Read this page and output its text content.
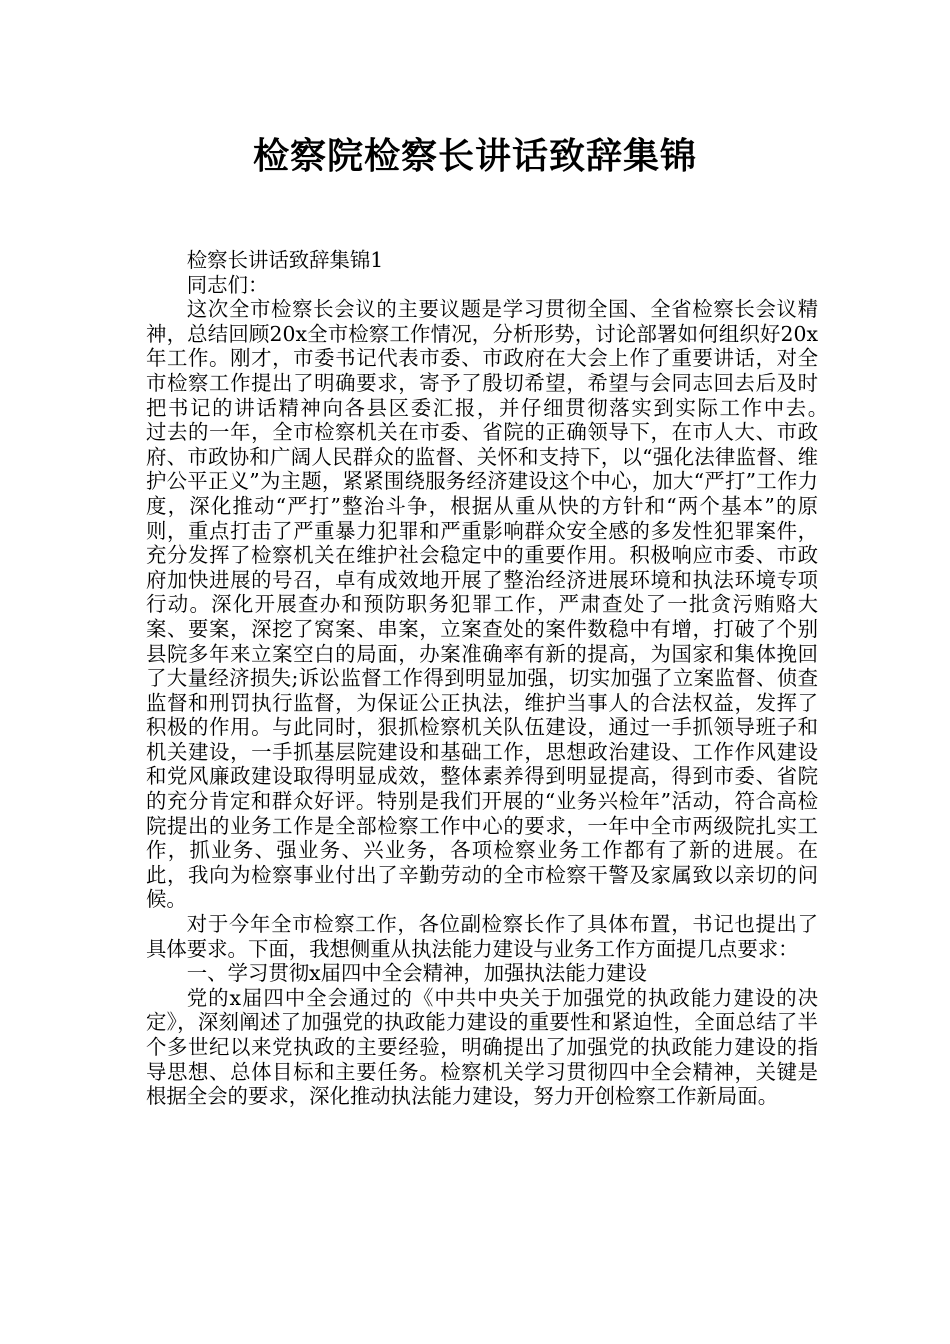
检察院检察长讲话致辞集锦

检察长讲话致辞集锦1

同志们：

这次全市检察长会议的主要议题是学习贯彻全国、全省检察长会议精神，总结回顾20x全市检察工作情况，分析形势，讨论部署如何组织好20x年工作。刚才，市委书记代表市委、市政府在大会上作了重要讲话，对全市检察工作提出了明确要求，寄予了殷切希望，希望与会同志回去后及时把书记的讲话精神向各县区委汇报，并仔细贯彻落实到实际工作中去。　　过去的一年，全市检察机关在市委、省院的正确领导下，在市人大、市政府、市政协和广阔人民群众的监督、关怀和支持下，以“强化法律监督、维护公平正义”为主题，紧紧围绕服务经济建设这个中心，加大“严打”工作力度，深化推动“严打”整治斗争，根据从重从快的方针和“两个基本”的原则，重点打击了严重暴力犯罪和严重影响群众安全感的多发性犯罪案件，充分发挥了检察机关在维护社会稳定中的重要作用。积极响应市委、市政府加快进展的号召，卓有成效地开展了整治经济进展环境和执法环境专项行动。深化开展查办和预防职务犯罪工作，严肃查处了一批贪污贿赂大案、要案，深挖了窝案、串案，立案查处的案件数稳中有增，打破了个别县院多年来立案空白的局面，办案准确率有新的提高，为国家和集体挽回了大量经济损失;诉讼监督工作得到明显加强，切实加强了立案监督、侦查监督和刑罚执行监督，为保证公正执法，维护当事人的合法权益，发挥了积极的作用。与此同时，狠抓检察机关队伍建设，通过一手抓领导班子和机关建设，一手抓基层院建设和基础工作，思想政治建设、工作作风建设和党风廉政建设取得明显成效，整体素养得到明显提高，得到市委、省院的充分肯定和群众好评。特别是我们开展的“业务兴检年”活动，符合高检院提出的业务工作是全部检察工作中心的要求，一年中全市两级院扎实工作，抓业务、强业务、兴业务，各项检察业务工作都有了新的进展。在此，我向为检察事业付出了辛勤劳动的全市检察干警及家属致以亲切的问候。

对于今年全市检察工作，各位副检察长作了具体布置，书记也提出了具体要求。下面，我想侧重从执法能力建设与业务工作方面提几点要求：

一、学习贯彻x届四中全会精神，加强执法能力建设

党的x届四中全会通过的《中共中央关于加强党的执政能力建设的决定》，深刻阐述了加强党的执政能力建设的重要性和紧迫性，全面总结了半个多世纪以来党执政的主要经验，明确提出了加强党的执政能力建设的指导思想、总体目标和主要任务。检察机关学习贯彻四中全会精神，关键是根据全会的要求，深化推动执法能力建设，努力开创检察工作新局面。
